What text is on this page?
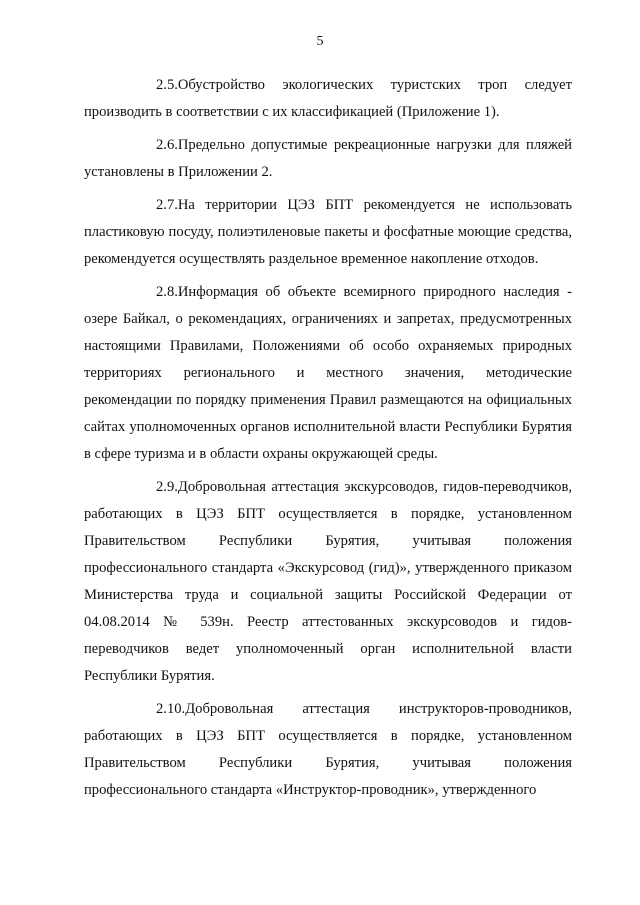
5

2.5.Обустройство экологических туристских троп следует производить в соответствии с их классификацией (Приложение 1).

2.6.Предельно допустимые рекреационные нагрузки для пляжей установлены в Приложении 2.

2.7.На территории ЦЭЗ БПТ рекомендуется не использовать пластиковую посуду, полиэтиленовые пакеты и фосфатные моющие средства, рекомендуется осуществлять раздельное временное накопление отходов.

2.8.Информация об объекте всемирного природного наследия - озере Байкал, о рекомендациях, ограничениях и запретах, предусмотренных настоящими Правилами, Положениями об особо охраняемых природных территориях регионального и местного значения, методические рекомендации по порядку применения Правил размещаются на официальных сайтах уполномоченных органов исполнительной власти Республики Бурятия в сфере туризма и в области охраны окружающей среды.

2.9.Добровольная аттестация экскурсоводов, гидов-переводчиков, работающих в ЦЭЗ БПТ осуществляется в порядке, установленном Правительством Республики Бурятия, учитывая положения профессионального стандарта «Экскурсовод (гид)», утвержденного приказом Министерства труда и социальной защиты Российской Федерации от 04.08.2014 № 539н. Реестр аттестованных экскурсоводов и гидов-переводчиков ведет уполномоченный орган исполнительной власти Республики Бурятия.

2.10.Добровольная аттестация инструкторов-проводников, работающих в ЦЭЗ БПТ осуществляется в порядке, установленном Правительством Республики Бурятия, учитывая положения профессионального стандарта «Инструктор-проводник», утвержденного
